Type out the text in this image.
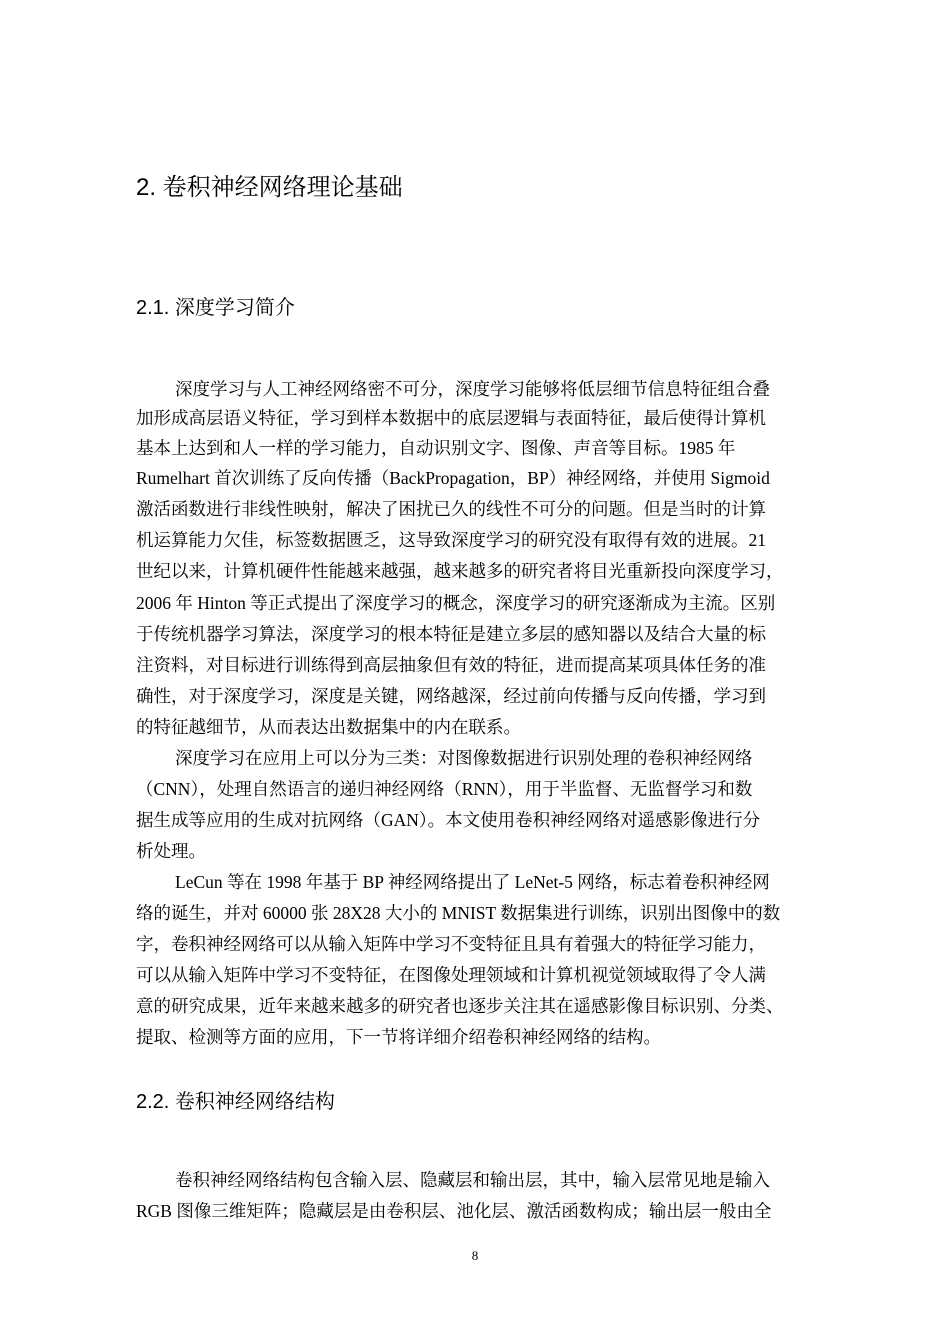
2. 卷积神经网络理论基础
2.1. 深度学习简介
深度学习与人工神经网络密不可分，深度学习能够将低层细节信息特征组合叠
加形成高层语义特征，学习到样本数据中的底层逻辑与表面特征，最后使得计算机
基本上达到和人一样的学习能力，自动识别文字、图像、声音等目标。1985 年
Rumelhart 首次训练了反向传播（BackPropagation，BP）神经网络，并使用 Sigmoid
激活函数进行非线性映射，解决了困扰已久的线性不可分的问题。但是当时的计算
机运算能力欠佳，标签数据匮乏，这导致深度学习的研究没有取得有效的进展。21
世纪以来，计算机硬件性能越来越强，越来越多的研究者将目光重新投向深度学习，
2006 年 Hinton 等正式提出了深度学习的概念，深度学习的研究逐渐成为主流。区别
于传统机器学习算法，深度学习的根本特征是建立多层的感知器以及结合大量的标
注资料，对目标进行训练得到高层抽象但有效的特征，进而提高某项具体任务的准
确性，对于深度学习，深度是关键，网络越深，经过前向传播与反向传播，学习到
的特征越细节，从而表达出数据集中的内在联系。
深度学习在应用上可以分为三类：对图像数据进行识别处理的卷积神经网络
（CNN），处理自然语言的递归神经网络（RNN），用于半监督、无监督学习和数
据生成等应用的生成对抗网络（GAN）。本文使用卷积神经网络对遥感影像进行分
析处理。
LeCun 等在 1998 年基于 BP 神经网络提出了 LeNet-5 网络，标志着卷积神经网
络的诞生，并对 60000 张 28X28 大小的 MNIST 数据集进行训练，识别出图像中的数
字，卷积神经网络可以从输入矩阵中学习不变特征且具有着强大的特征学习能力，
可以从输入矩阵中学习不变特征，在图像处理领域和计算机视觉领域取得了令人满
意的研究成果，近年来越来越多的研究者也逐步关注其在遥感影像目标识别、分类、
提取、检测等方面的应用，下一节将详细介绍卷积神经网络的结构。
2.2. 卷积神经网络结构
卷积神经网络结构包含输入层、隐藏层和输出层，其中，输入层常见地是输入
RGB 图像三维矩阵；隐藏层是由卷积层、池化层、激活函数构成；输出层一般由全
8
